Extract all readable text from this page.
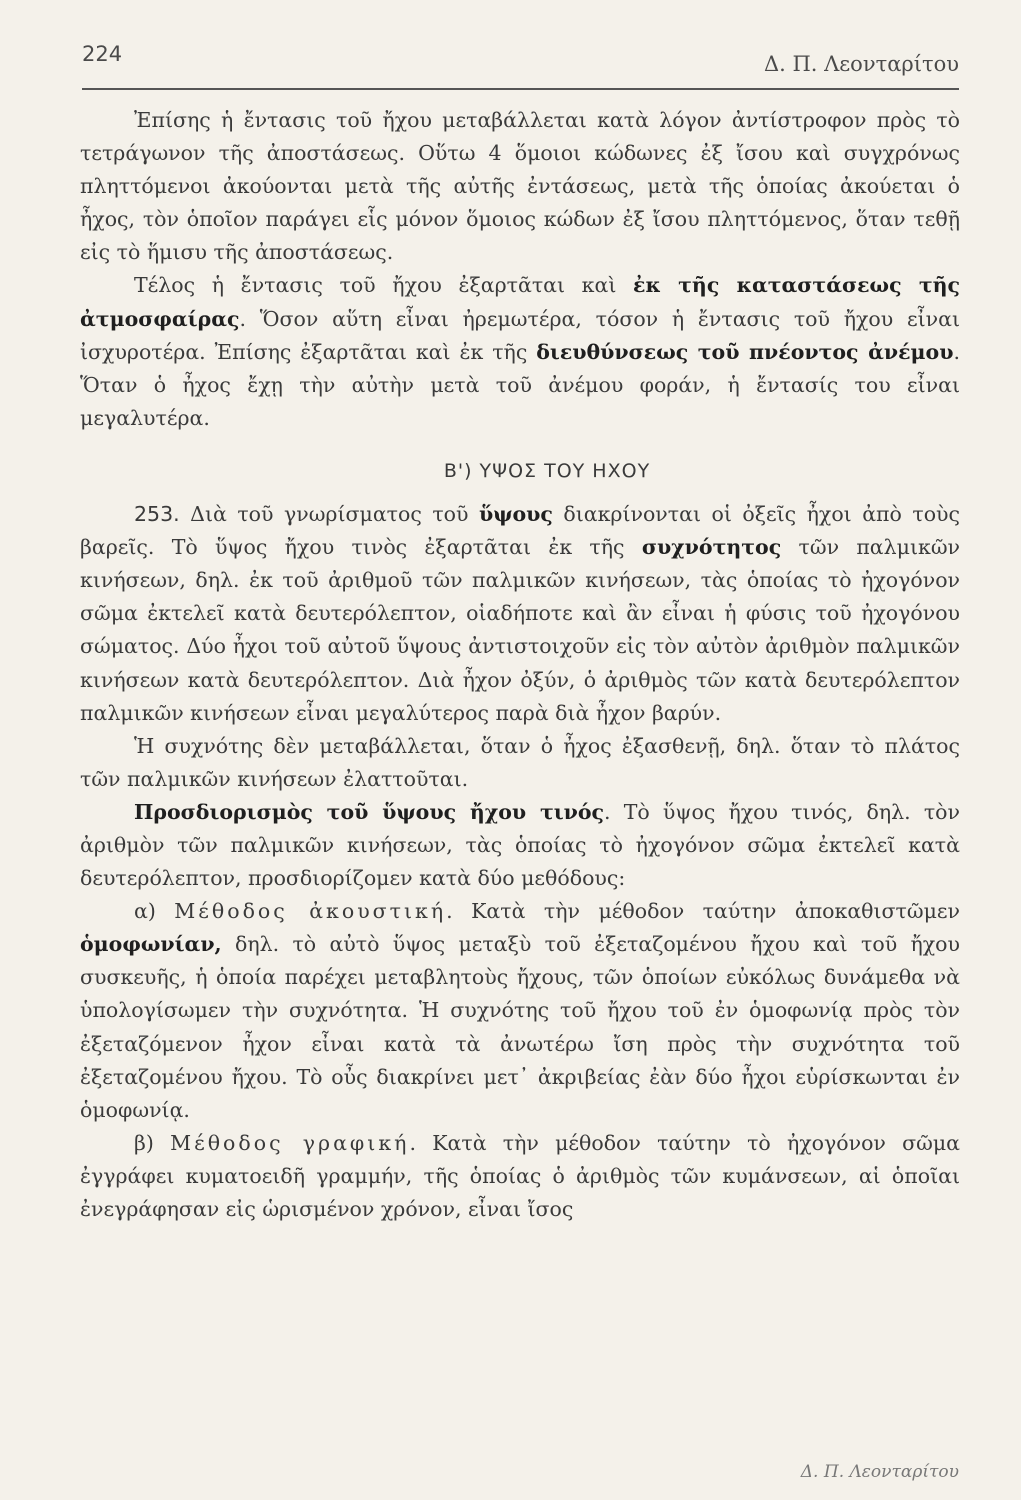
224	Δ. Π. Λεονταρίτου

Ἐπίσης ἡ ἔντασις τοῦ ἤχου μεταβάλλεται κατὰ λόγον ἀντίστροφον πρὸς τὸ τετράγωνον τῆς ἀποστάσεως. Οὕτω 4 ὅμοιοι κώδωνες ἐξ ἴσου καὶ συγχρόνως πληττόμενοι ἀκούονται μετὰ τῆς αὐτῆς ἐντάσεως, μετὰ τῆς ὁποίας ἀκούεται ὁ ἦχος, τὸν ὁποῖον παράγει εἷς μόνον ὅμοιος κώδων ἐξ ἴσου πληττόμενος, ὅταν τεθῇ εἰς τὸ ἥμισυ τῆς ἀποστάσεως.

Τέλος ἡ ἔντασις τοῦ ἤχου ἐξαρτᾶται καὶ ἐκ τῆς καταστάσεως τῆς ἀτμοσφαίρας. Ὅσον αὕτη εἶναι ἠρεμωτέρα, τόσον ἡ ἔντασις τοῦ ἤχου εἶναι ἰσχυροτέρα. Ἐπίσης ἐξαρτᾶται καὶ ἐκ τῆς διευθύνσεως τοῦ πνέοντος ἀνέμου. Ὅταν ὁ ἦχος ἔχῃ τὴν αὐτὴν μετὰ τοῦ ἀνέμου φοράν, ἡ ἔντασίς του εἶναι μεγαλυτέρα.

Β') ΥΨΟΣ ΤΟΥ ΗΧΟΥ

253. Διὰ τοῦ γνωρίσματος τοῦ ὕψους διακρίνονται οἱ ὀξεῖς ἦχοι ἀπὸ τοὺς βαρεῖς. Τὸ ὕψος ἤχου τινὸς ἐξαρτᾶται ἐκ τῆς συχνότητος τῶν παλμικῶν κινήσεων, δηλ. ἐκ τοῦ ἀριθμοῦ τῶν παλμικῶν κινήσεων, τὰς ὁποίας τὸ ἠχογόνον σῶμα ἐκτελεῖ κατὰ δευτερόλεπτον, οἱαδήποτε καὶ ἂν εἶναι ἡ φύσις τοῦ ἠχογόνου σώματος. Δύο ἦχοι τοῦ αὐτοῦ ὕψους ἀντιστοιχοῦν εἰς τὸν αὐτὸν ἀριθμὸν παλμικῶν κινήσεων κατὰ δευτερόλεπτον. Διὰ ἦχον ὀξύν, ὁ ἀριθμὸς τῶν κατὰ δευτερόλεπτον παλμικῶν κινήσεων εἶναι μεγαλύτερος παρὰ διὰ ἦχον βαρύν.

Ἡ συχνότης δὲν μεταβάλλεται, ὅταν ὁ ἦχος ἐξασθενῇ, δηλ. ὅταν τὸ πλάτος τῶν παλμικῶν κινήσεων ἐλαττοῦται.

Προσδιορισμὸς τοῦ ὕψους ἤχου τινός. Τὸ ὕψος ἤχου τινός, δηλ. τὸν ἀριθμὸν τῶν παλμικῶν κινήσεων, τὰς ὁποίας τὸ ἠχογόνον σῶμα ἐκτελεῖ κατὰ δευτερόλεπτον, προσδιορίζομεν κατὰ δύο μεθόδους:

α) Μέθοδος ἀκουστική. Κατὰ τὴν μέθοδον ταύτην ἀποκαθιστῶμεν ὁμοφωνίαν, δηλ. τὸ αὐτὸ ὕψος μεταξὺ τοῦ ἐξεταζομένου ἤχου καὶ τοῦ ἤχου συσκευῆς, ἡ ὁποία παρέχει μεταβλητοὺς ἤχους, τῶν ὁποίων εὐκόλως δυνάμεθα νὰ ὑπολογίσωμεν τὴν συχνότητα. Ἡ συχνότης τοῦ ἤχου τοῦ ἐν ὁμοφωνίᾳ πρὸς τὸν ἐξεταζόμενον ἦχον εἶναι κατὰ τὰ ἀνωτέρω ἴση πρὸς τὴν συχνότητα τοῦ ἐξεταζομένου ἤχου. Τὸ οὖς διακρίνει μετ᾽ ἀκριβείας ἐὰν δύο ἦχοι εὑρίσκωνται ἐν ὁμοφωνίᾳ.

β) Μέθοδος γραφική. Κατὰ τὴν μέθοδον ταύτην τὸ ἠχογόνον σῶμα ἐγγράφει κυματοειδῆ γραμμήν, τῆς ὁποίας ὁ ἀριθμὸς τῶν κυμάνσεων, αἱ ὁποῖαι ἐνεγράφησαν εἰς ὡρισμένον χρόνον, εἶναι ἴσος

Δ. Π. Λεονταρίτου
